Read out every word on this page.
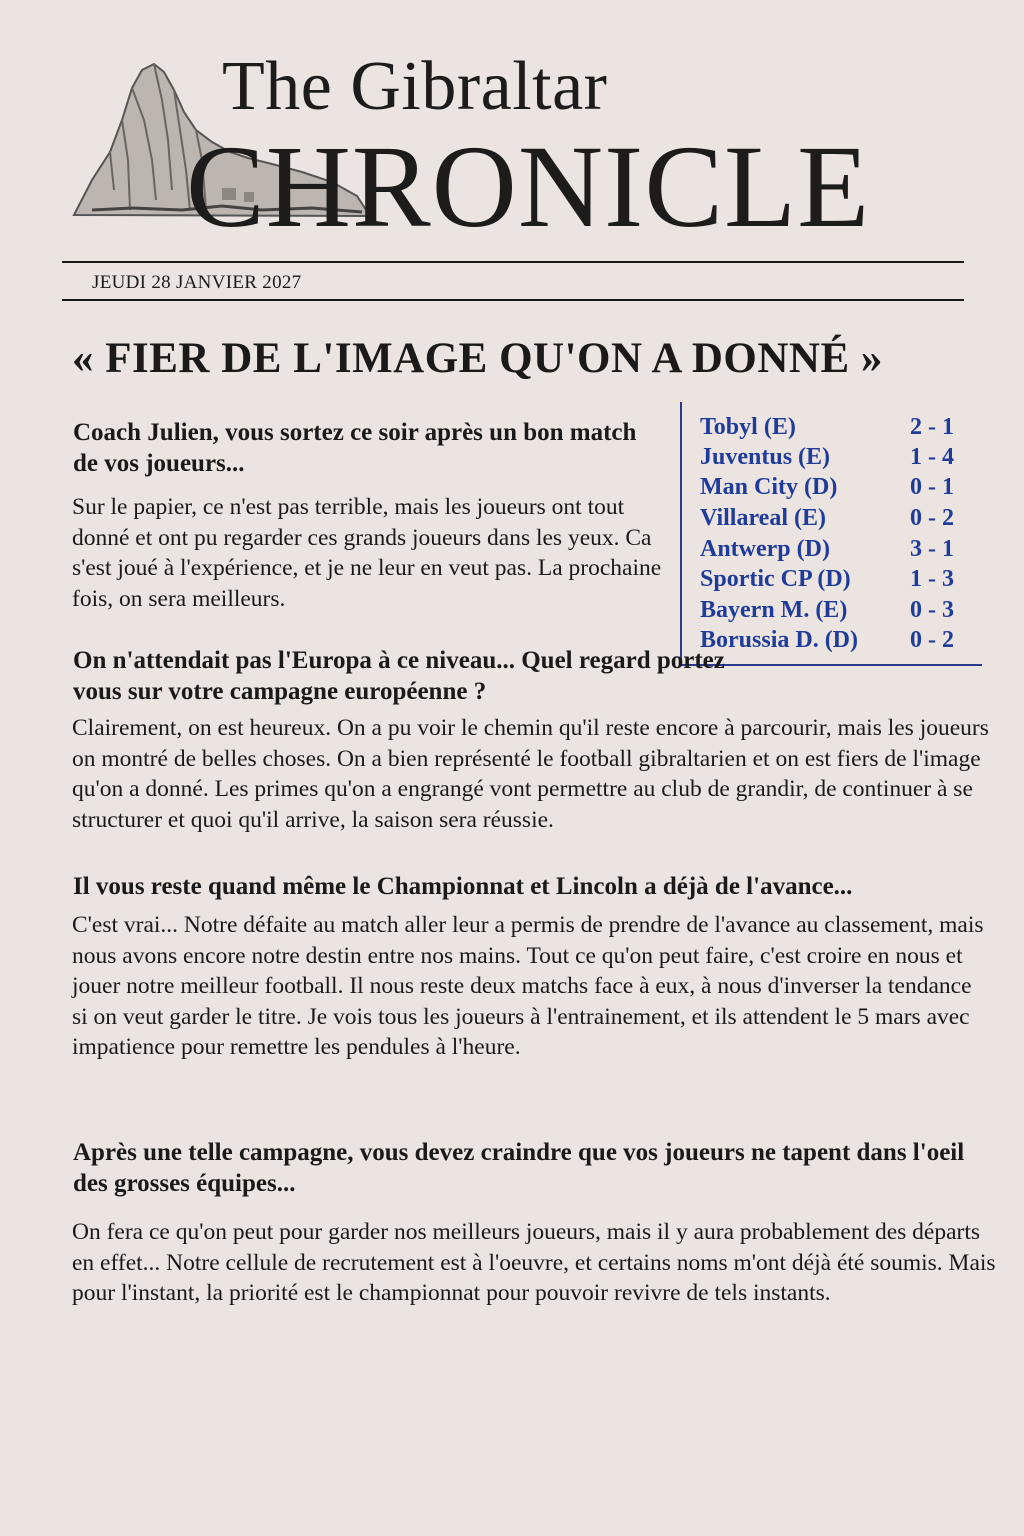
The Gibraltar
CHRONICLE
JEUDI 28 JANVIER 2027
« FIER DE L'IMAGE QU'ON A DONNÉ »
Tobyl (E)	2 - 1
Juventus (E)	1 - 4
Man City (D)	0 - 1
Villareal (E)	0 - 2
Antwerp (D)	3 - 1
Sportic CP (D) 1 - 3
Bayern M. (E)	0 - 3
Borussia D. (D) 0 - 2
Coach Julien, vous sortez ce soir après un bon match de vos joueurs...
Sur le papier, ce n'est pas terrible, mais les joueurs ont tout donné et ont pu regarder ces grands joueurs dans les yeux. Ca s'est joué à l'expérience, et je ne leur en veut pas. La prochaine fois, on sera meilleurs.
On n'attendait pas l'Europa à ce niveau... Quel regard portez vous sur votre campagne européenne ?
Clairement, on est heureux. On a pu voir le chemin qu'il reste encore à parcourir, mais les joueurs on montré de belles choses. On a bien représenté le football gibraltarien et on est fiers de l'image qu'on a donné. Les primes qu'on a engrangé vont permettre au club de grandir, de continuer à se structurer et quoi qu'il arrive, la saison sera réussie.
Il vous reste quand même le Championnat et Lincoln a déjà de l'avance...
C'est vrai... Notre défaite au match aller leur a permis de prendre de l'avance au classement, mais nous avons encore notre destin entre nos mains. Tout ce qu'on peut faire, c'est croire en nous et jouer notre meilleur football. Il nous reste deux matchs face à eux, à nous d'inverser la tendance si on veut garder le titre. Je vois tous les joueurs à l'entrainement, et ils attendent le 5 mars avec impatience pour remettre les pendules à l'heure.
Après une telle campagne, vous devez craindre que vos joueurs ne tapent dans l'oeil des grosses équipes...
On fera ce qu'on peut pour garder nos meilleurs joueurs, mais il y aura probablement des départs en effet... Notre cellule de recrutement est à l'oeuvre, et certains noms m'ont déjà été soumis. Mais pour l'instant, la priorité est le championnat pour pouvoir revivre de tels instants.
